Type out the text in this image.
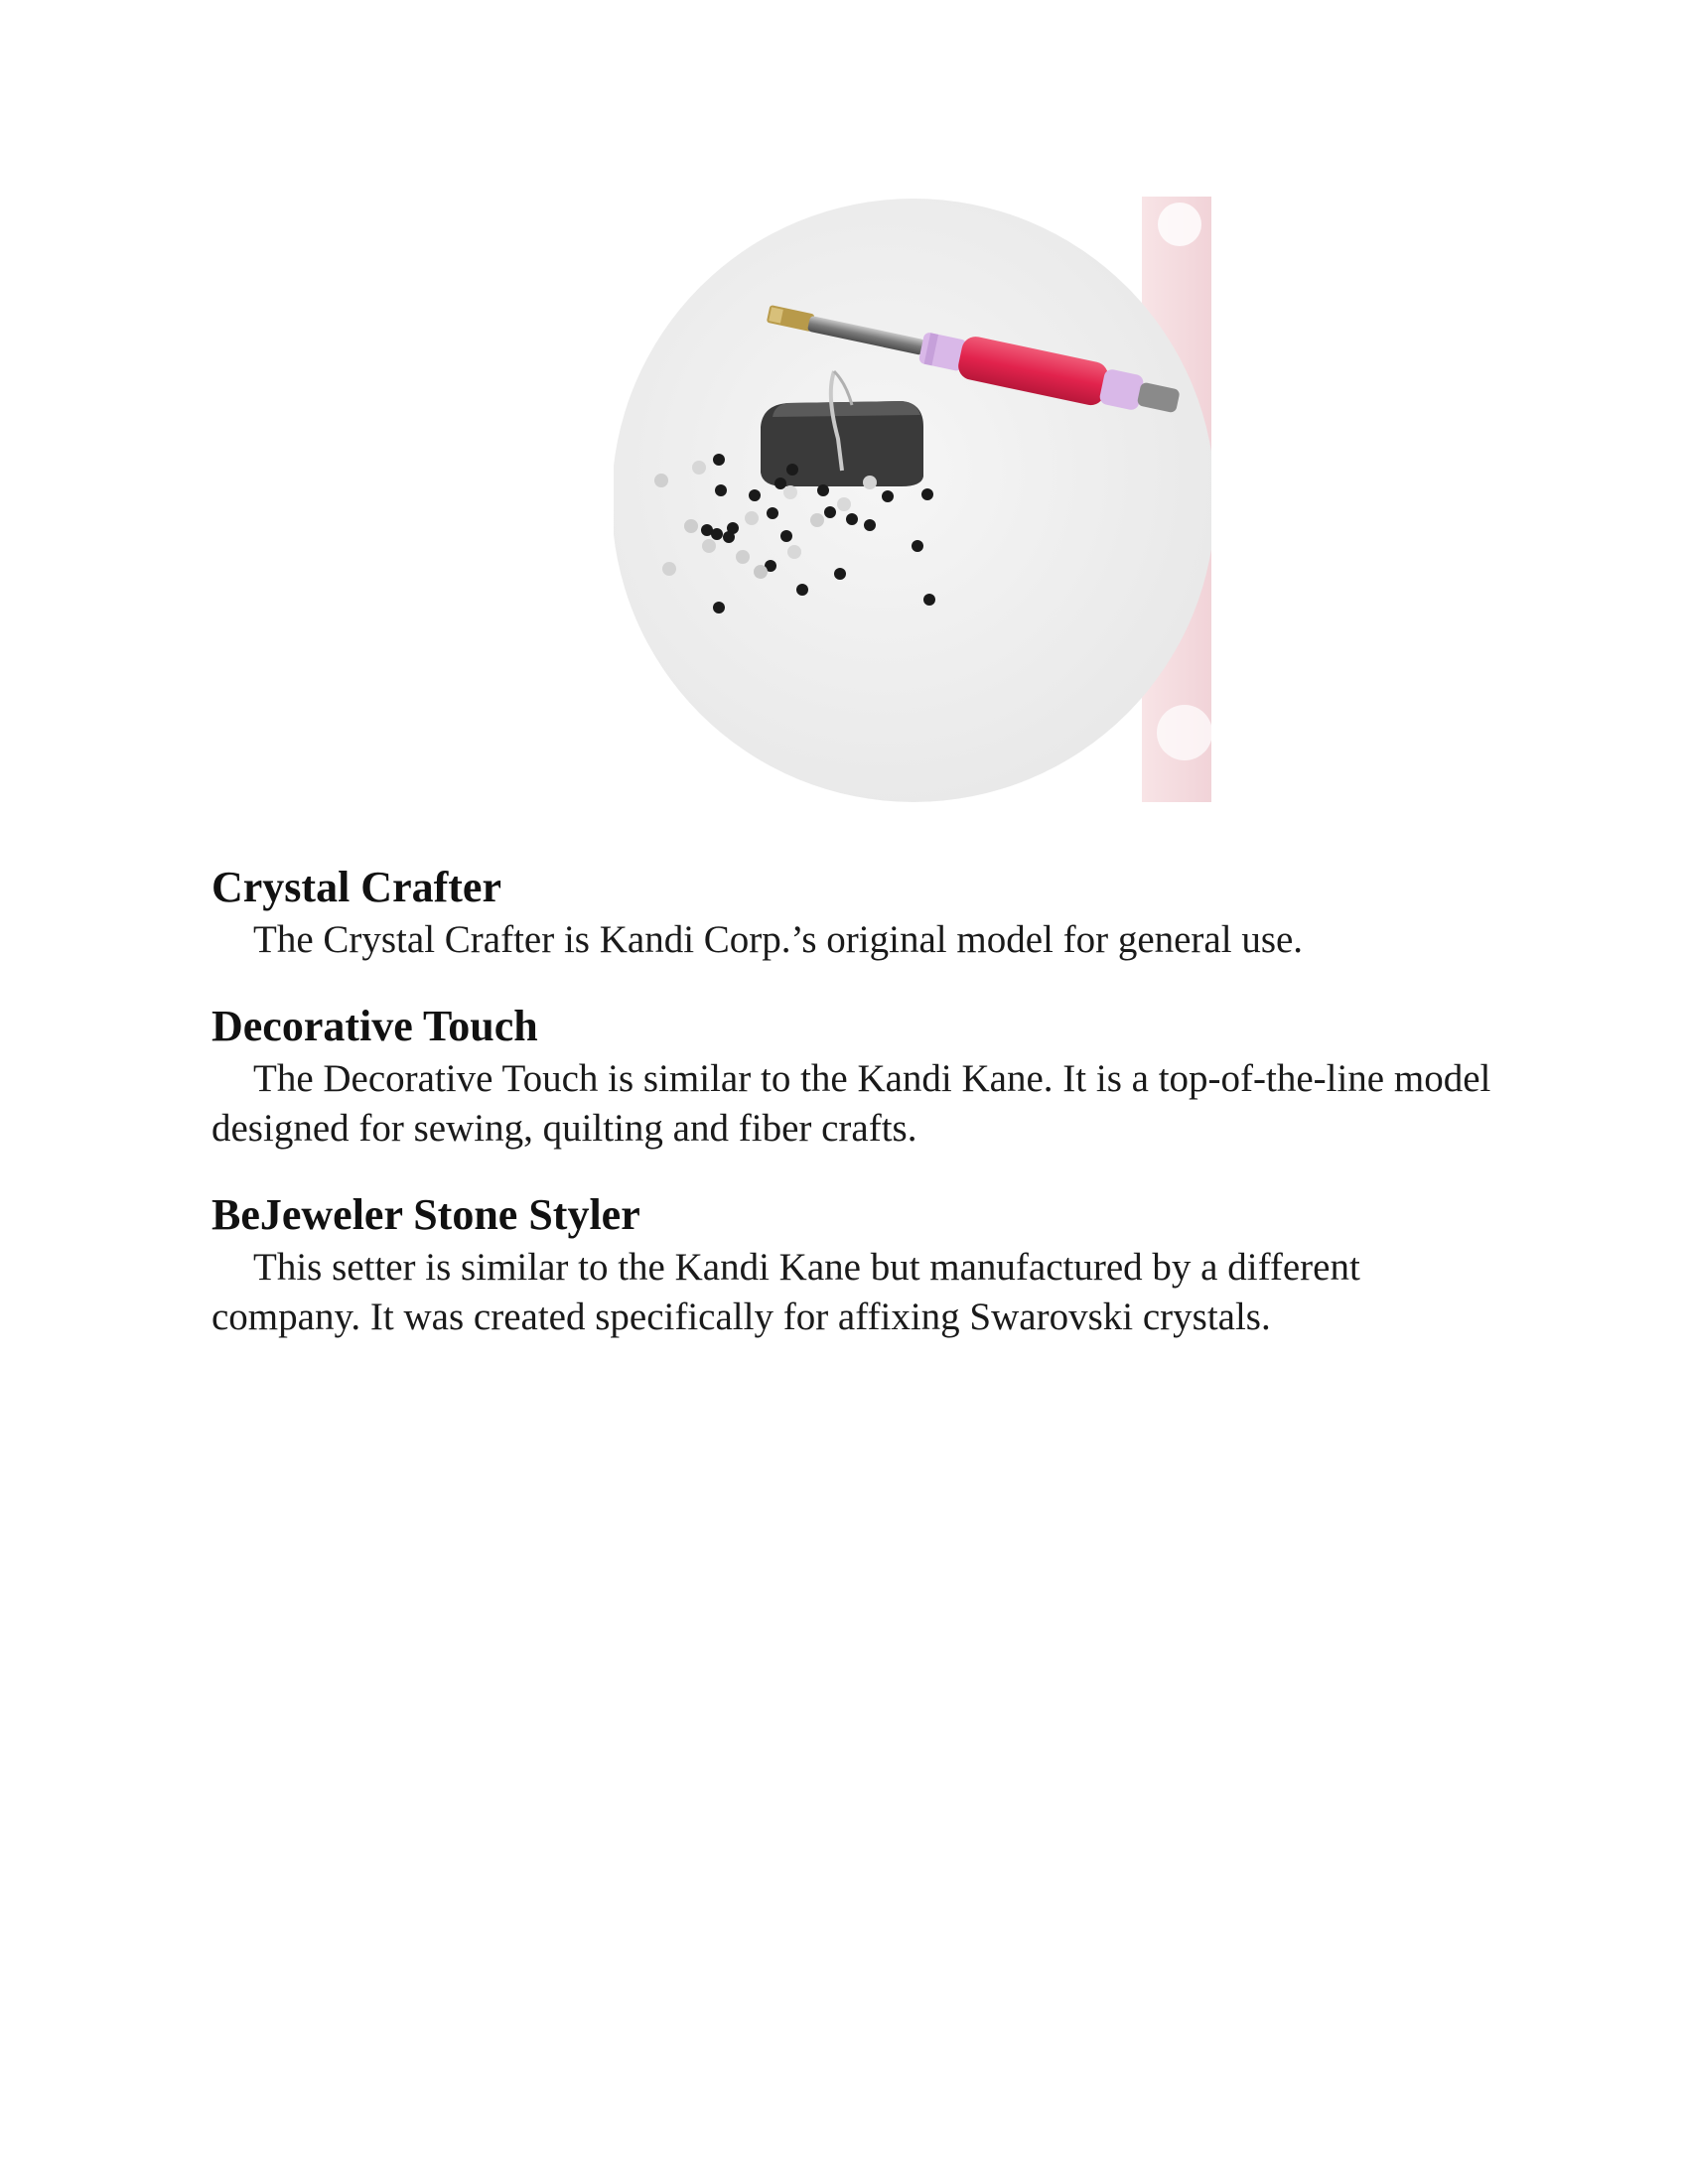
Crystal Crafter

The Crystal Crafter is Kandi Corp.’s original model for general use.

Decorative Touch

The Decorative Touch is similar to the Kandi Kane. It is a top-of-the-line model designed for sewing, quilting and fiber crafts.

BeJeweler Stone Styler

This setter is similar to the Kandi Kane but manufactured by a different company. It was created specifically for affixing Swarovski crystals.
